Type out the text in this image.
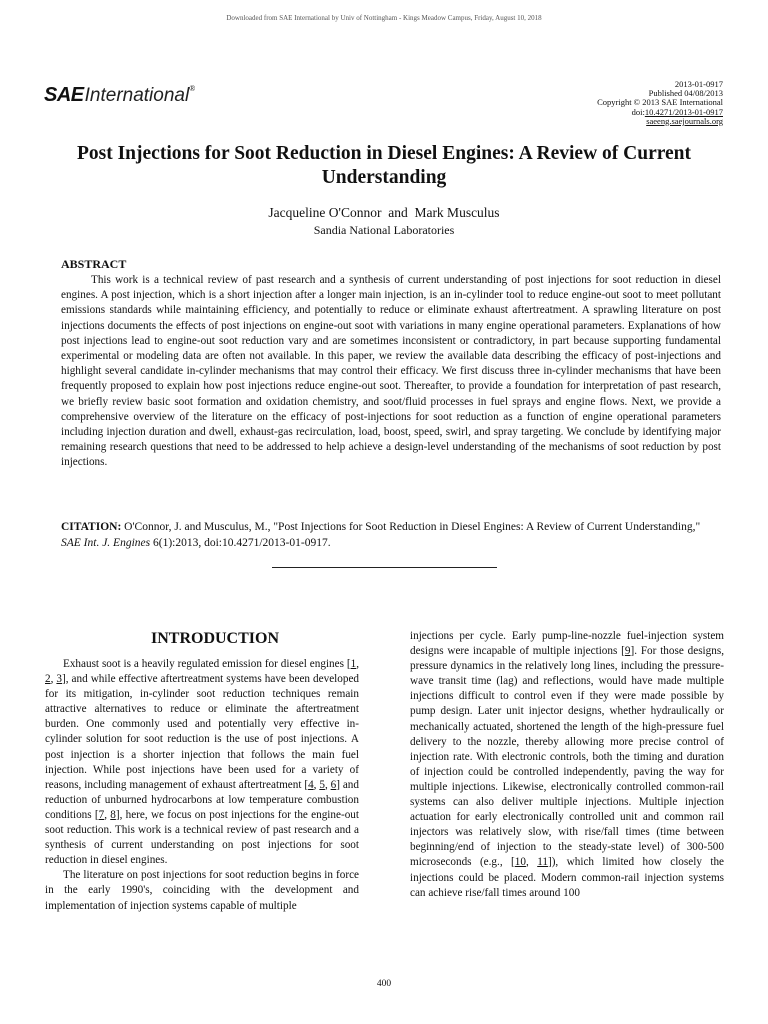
Downloaded from SAE International by Univ of Nottingham - Kings Meadow Campus, Friday, August 10, 2018
SAEInternational®	2013-01-0917
Published 04/08/2013
Copyright © 2013 SAE International
doi:10.4271/2013-01-0917
saeeng.saejournals.org
Post Injections for Soot Reduction in Diesel Engines: A Review of Current Understanding
Jacqueline O'Connor  and  Mark Musculus
Sandia National Laboratories
ABSTRACT
This work is a technical review of past research and a synthesis of current understanding of post injections for soot reduction in diesel engines. A post injection, which is a short injection after a longer main injection, is an in-cylinder tool to reduce engine-out soot to meet pollutant emissions standards while maintaining efficiency, and potentially to reduce or eliminate exhaust aftertreatment. A sprawling literature on post injections documents the effects of post injections on engine-out soot with variations in many engine operational parameters. Explanations of how post injections lead to engine-out soot reduction vary and are sometimes inconsistent or contradictory, in part because supporting fundamental experimental or modeling data are often not available. In this paper, we review the available data describing the efficacy of post-injections and highlight several candidate in-cylinder mechanisms that may control their efficacy. We first discuss three in-cylinder mechanisms that have been frequently proposed to explain how post injections reduce engine-out soot. Thereafter, to provide a foundation for interpretation of past research, we briefly review basic soot formation and oxidation chemistry, and soot/fluid processes in fuel sprays and engine flows. Next, we provide a comprehensive overview of the literature on the efficacy of post-injections for soot reduction as a function of engine operational parameters including injection duration and dwell, exhaust-gas recirculation, load, boost, speed, swirl, and spray targeting. We conclude by identifying major remaining research questions that need to be addressed to help achieve a design-level understanding of the mechanisms of soot reduction by post injections.
CITATION: O'Connor, J. and Musculus, M., "Post Injections for Soot Reduction in Diesel Engines: A Review of Current Understanding," SAE Int. J. Engines 6(1):2013, doi:10.4271/2013-01-0917.
INTRODUCTION

Exhaust soot is a heavily regulated emission for diesel engines [1, 2, 3], and while effective aftertreatment systems have been developed for its mitigation, in-cylinder soot reduction techniques remain attractive alternatives to reduce or eliminate the aftertreatment burden. One commonly used and potentially very effective in-cylinder solution for soot reduction is the use of post injections. A post injection is a shorter injection that follows the main fuel injection. While post injections have been used for a variety of reasons, including management of exhaust aftertreatment [4, 5, 6] and reduction of unburned hydrocarbons at low temperature combustion conditions [7, 8], here, we focus on post injections for the engine-out soot reduction. This work is a technical review of past research and a synthesis of current understanding on post injections for soot reduction in diesel engines.

The literature on post injections for soot reduction begins in force in the early 1990's, coinciding with the development and implementation of injection systems capable of multiple

injections per cycle. Early pump-line-nozzle fuel-injection system designs were incapable of multiple injections [9]. For those designs, pressure dynamics in the relatively long lines, including the pressure-wave transit time (lag) and reflections, would have made multiple injections difficult to control even if they were made possible by pump design. Later unit injector designs, whether hydraulically or mechanically actuated, shortened the length of the high-pressure fuel delivery to the nozzle, thereby allowing more precise control of injection rate. With electronic controls, both the timing and duration of injection could be controlled independently, paving the way for multiple injections. Likewise, electronically controlled common-rail systems can also deliver multiple injections. Multiple injection actuation for early electronically controlled unit and common rail injectors was relatively slow, with rise/fall times (time between beginning/end of injection to the steady-state level) of 300-500 microseconds (e.g., [10, 11]), which limited how closely the injections could be placed. Modern common-rail injection systems can achieve rise/fall times around 100

400
